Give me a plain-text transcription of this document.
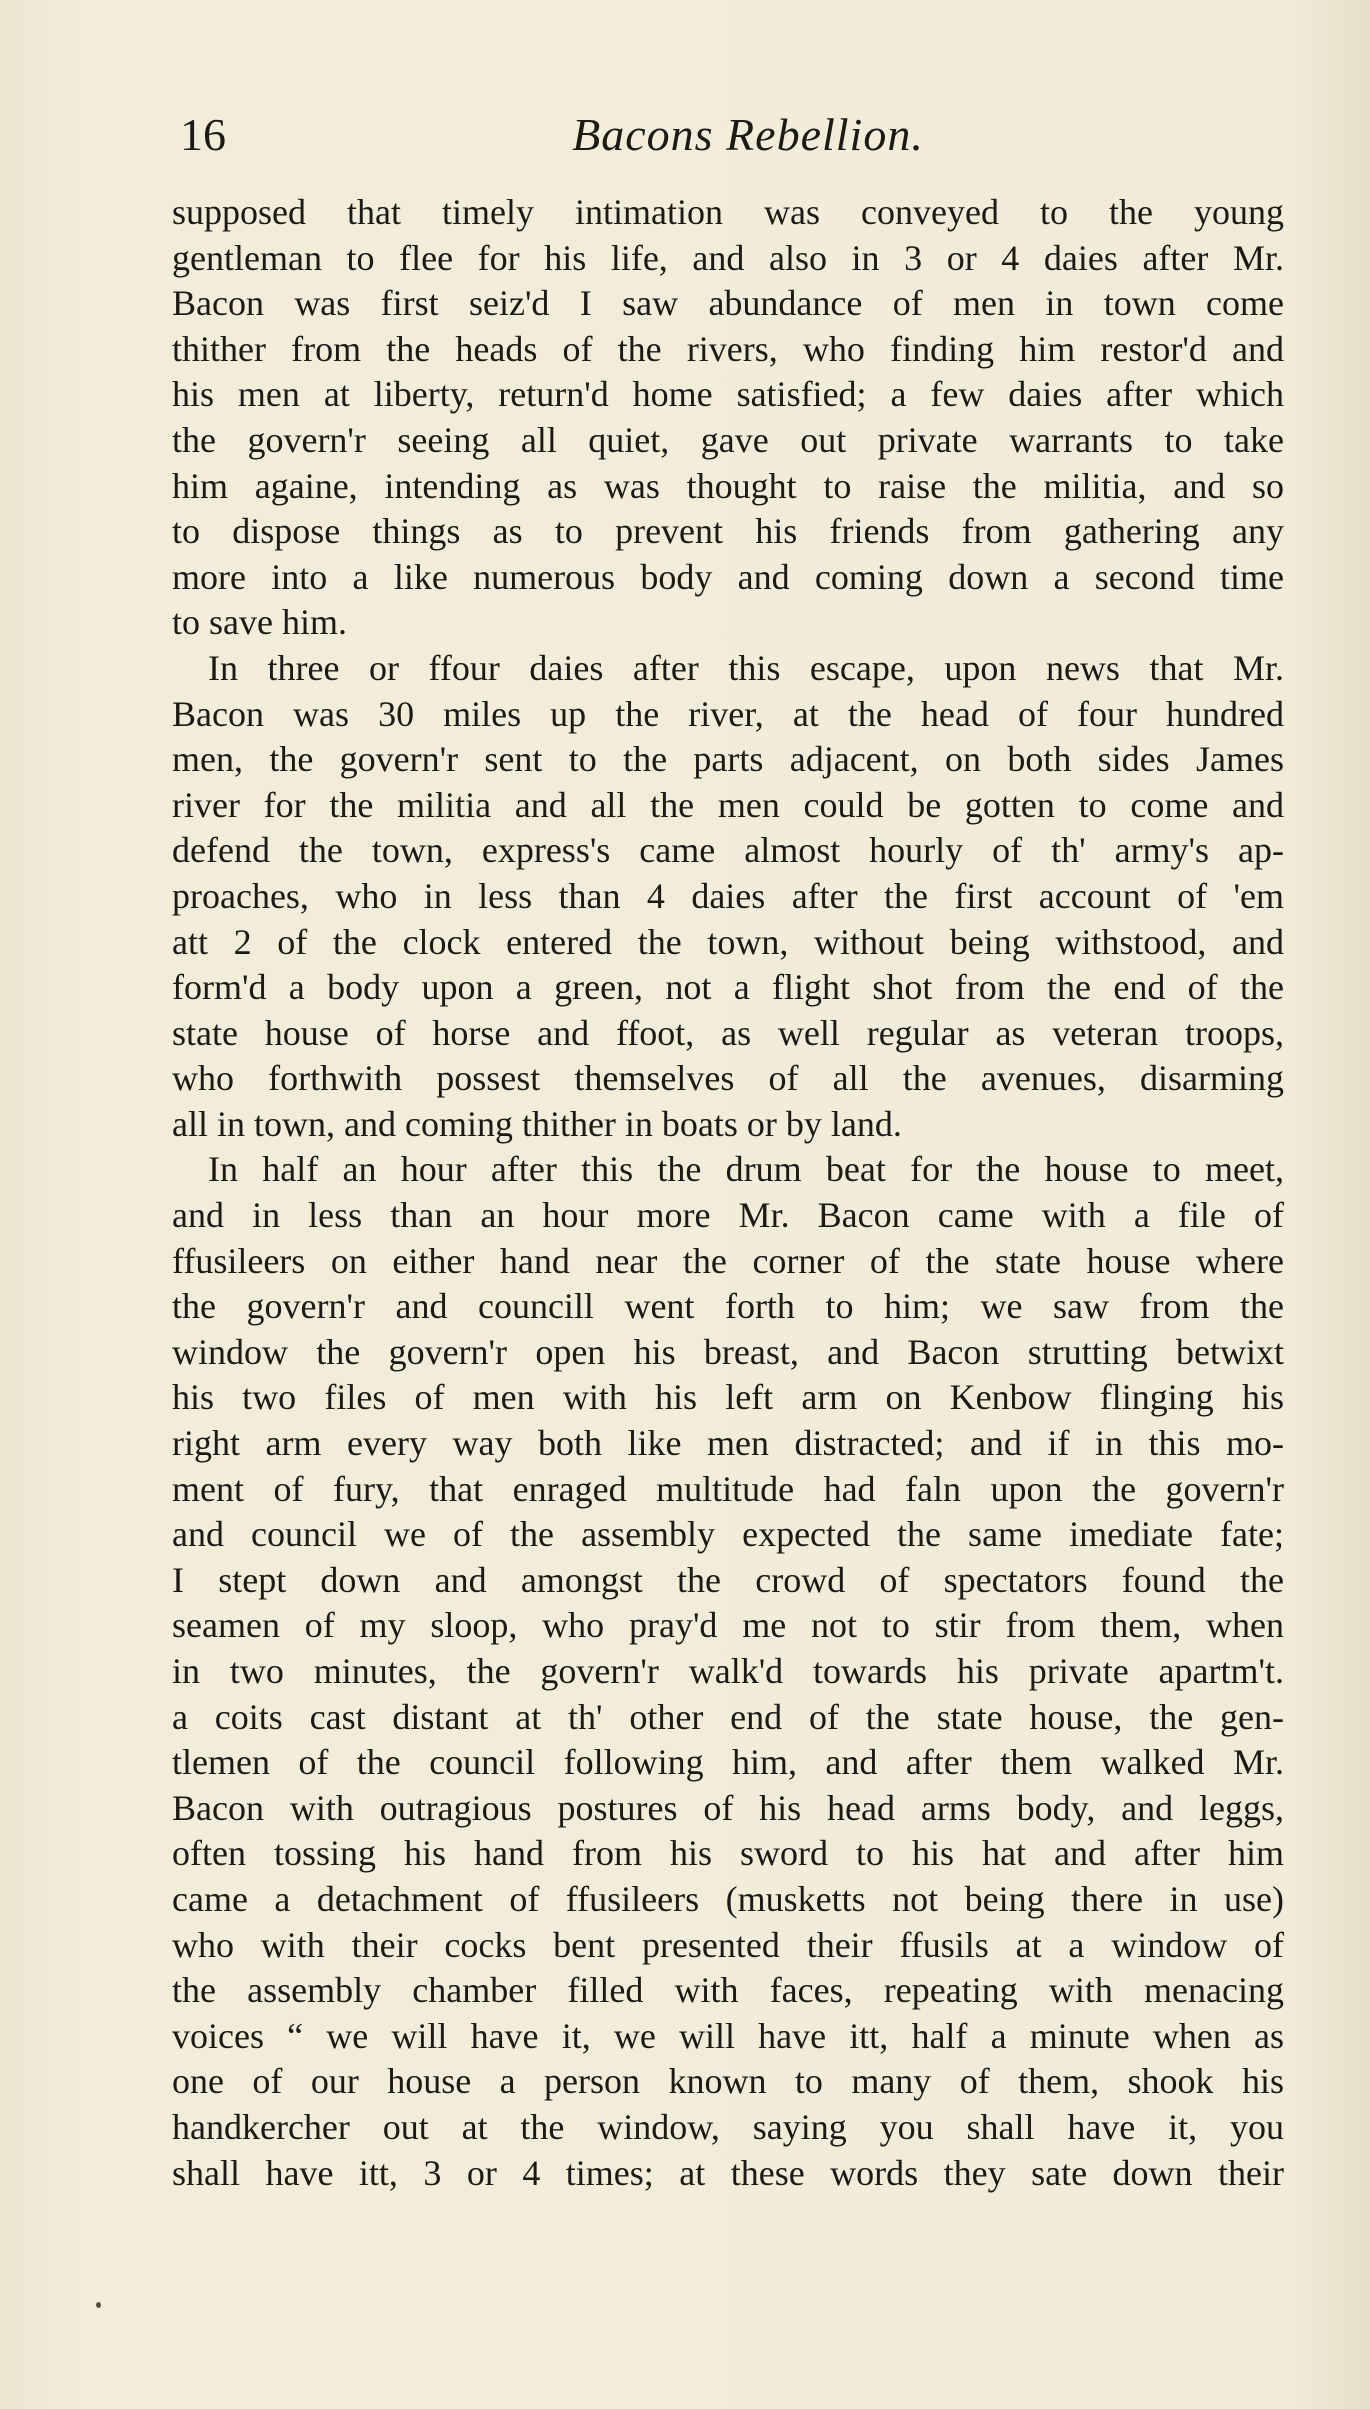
16	Bacons Rebellion.
supposed that timely intimation was conveyed to the young
gentleman to flee for his life, and also in 3 or 4 daies after Mr.
Bacon was first seiz'd I saw abundance of men in town come
thither from the heads of the rivers, who finding him restor'd and
his men at liberty, return'd home satisfied; a few daies after which
the govern'r seeing all quiet, gave out private warrants to take
him againe, intending as was thought to raise the militia, and so
to dispose things as to prevent his friends from gathering any
more into a like numerous body and coming down a second time
to save him.
In three or ffour daies after this escape, upon news that Mr.
Bacon was 30 miles up the river, at the head of four hundred
men, the govern'r sent to the parts adjacent, on both sides James
river for the militia and all the men could be gotten to come and
defend the town, express's came almost hourly of th' army's ap-
proaches, who in less than 4 daies after the first account of 'em
att 2 of the clock entered the town, without being withstood, and
form'd a body upon a green, not a flight shot from the end of the
state house of horse and ffoot, as well regular as veteran troops,
who forthwith possest themselves of all the avenues, disarming
all in town, and coming thither in boats or by land.
In half an hour after this the drum beat for the house to meet,
and in less than an hour more Mr. Bacon came with a file of
ffusileers on either hand near the corner of the state house where
the govern'r and councill went forth to him; we saw from the
window the govern'r open his breast, and Bacon strutting betwixt
his two files of men with his left arm on Kenbow flinging his
right arm every way both like men distracted; and if in this mo-
ment of fury, that enraged multitude had faln upon the govern'r
and council we of the assembly expected the same imediate fate;
I stept down and amongst the crowd of spectators found the
seamen of my sloop, who pray'd me not to stir from them, when
in two minutes, the govern'r walk'd towards his private apartm't.
a coits cast distant at th' other end of the state house, the gen-
tlemen of the council following him, and after them walked Mr.
Bacon with outragious postures of his head arms body, and leggs,
often tossing his hand from his sword to his hat and after him
came a detachment of ffusileers (musketts not being there in use)
who with their cocks bent presented their ffusils at a window of
the assembly chamber filled with faces, repeating with menacing
voices “ we will have it, we will have itt, half a minute when as
one of our house a person known to many of them, shook his
handkercher out at the window, saying you shall have it, you
shall have itt, 3 or 4 times; at these words they sate down their
